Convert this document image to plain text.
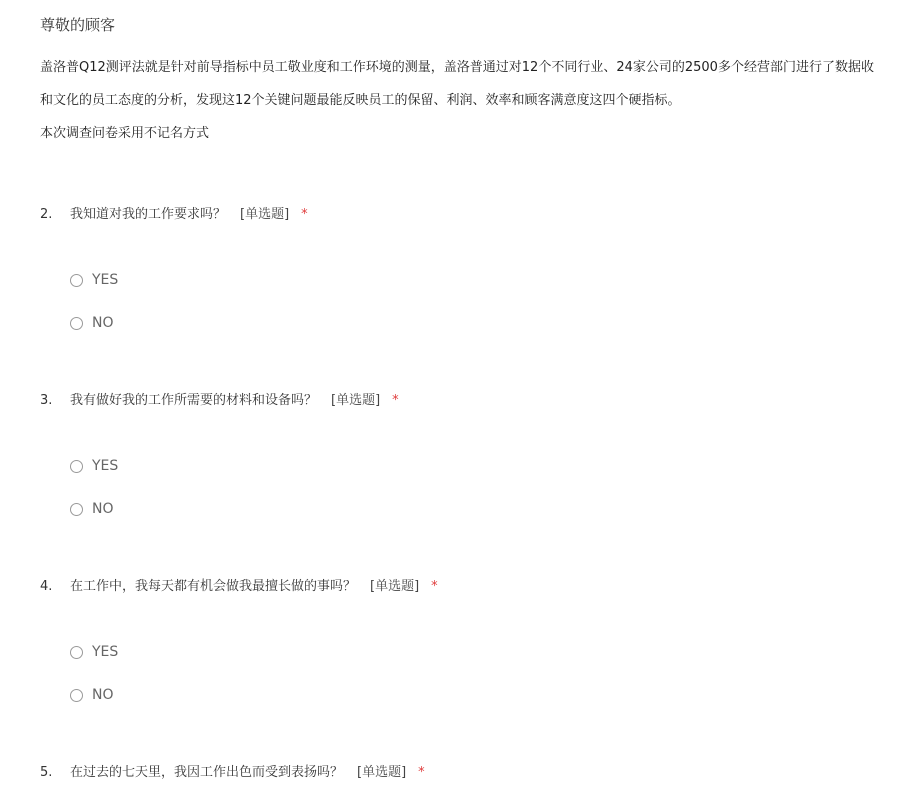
尊敬的顾客
盖洛普Q12测评法就是针对前导指标中员工敬业度和工作环境的测量，盖洛普通过对12个不同行业、24家公司的2500多个经营部门进行了数据收
和文化的员工态度的分析，发现这12个关键问题最能反映员工的保留、利润、效率和顾客满意度这四个硬指标。
本次调查问卷采用不记名方式
2. 我知道对我的工作要求吗？ [单选题] *
YES
NO
3. 我有做好我的工作所需要的材料和设备吗？ [单选题] *
YES
NO
4. 在工作中，我每天都有机会做我最擅长做的事吗？ [单选题] *
YES
NO
5. 在过去的七天里，我因工作出色而受到表扬吗？ [单选题] *
